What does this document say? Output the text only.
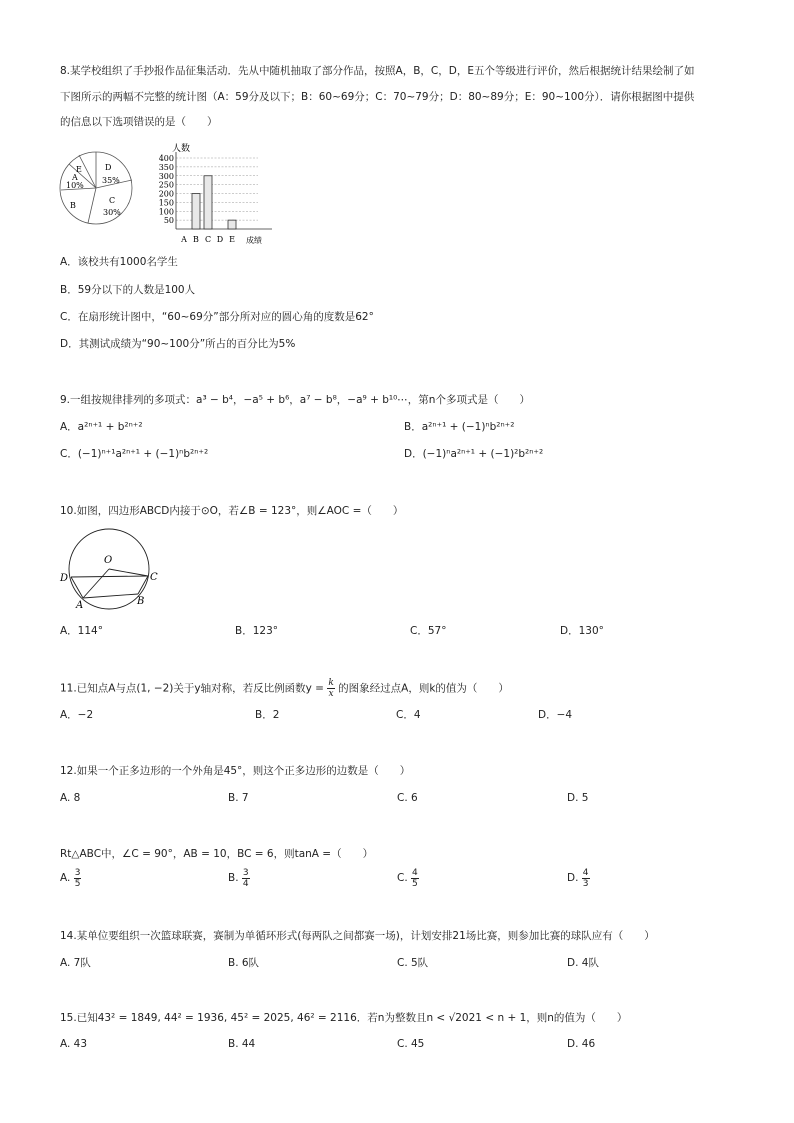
8.某学校组织了手抄报作品征集活动．先从中随机抽取了部分作品，按照A，B，C，D，E五个等级进行评价，然后根据统计结果绘制了如
下图所示的两幅不完整的统计图（A：59分及以下；B：60~69分；C：70~79分；D：80~89分；E：90~100分）．请你根据图中提供
的信息以下选项错误的是（　　）
E
A
10%
D
35%
B
C
30%
人数
成绩
50
100
150
200
250
300
350
400
A B C D E
A．该校共有1000名学生
B．59分以下的人数是100人
C．在扇形统计图中，“60~69分”部分所对应的圆心角的度数是62°
D．其测试成绩为“90~100分”所占的百分比为5%
9.一组按规律排列的多项式：a³ − b⁴，−a⁵ + b⁶，a⁷ − b⁸，−a⁹ + b¹⁰⋯，第n个多项式是（　　）
A．a²ⁿ⁺¹ + b²ⁿ⁺²	B．a²ⁿ⁺¹ + (−1)ⁿb²ⁿ⁺²
C．(−1)ⁿ⁺¹a²ⁿ⁺¹ + (−1)ⁿb²ⁿ⁺²	D．(−1)ⁿa²ⁿ⁺¹ + (−1)²b²ⁿ⁺²
10.如图，四边形ABCD内接于⊙O，若∠B = 123°，则∠AOC =（　　）
O
D	C
A	B
A．114°	B．123°	C．57°	D．130°
11.已知点A与点(1, −2)关于y轴对称，若反比例函数$y = \frac{k}{x}$ 的图象经过点A，则k的值为（　　）
A．−2	B．2	C．4	D．−4
12.如果一个正多边形的一个外角是45°，则这个正多边形的边数是（　　）
A. 8	B. 7	C. 6	D. 5
Rt△ABC中，∠C = 90°，AB = 10，BC = 6，则tanA =（　　）
A. $\frac{3}{5}$	B. $\frac{3}{4}$	C. $\frac{4}{5}$	D. $\frac{4}{3}$
14.某单位要组织一次篮球联赛，赛制为单循环形式(每两队之间都赛一场)，计划安排21场比赛，则参加比赛的球队应有（　　）
A. 7队	B. 6队	C. 5队	D. 4队
15.已知43² = 1849, 44² = 1936, 45² = 2025, 46² = 2116．若n为整数且n < √2021 < n + 1，则n的值为（　　）
A. 43	B. 44	C. 45	D. 46
